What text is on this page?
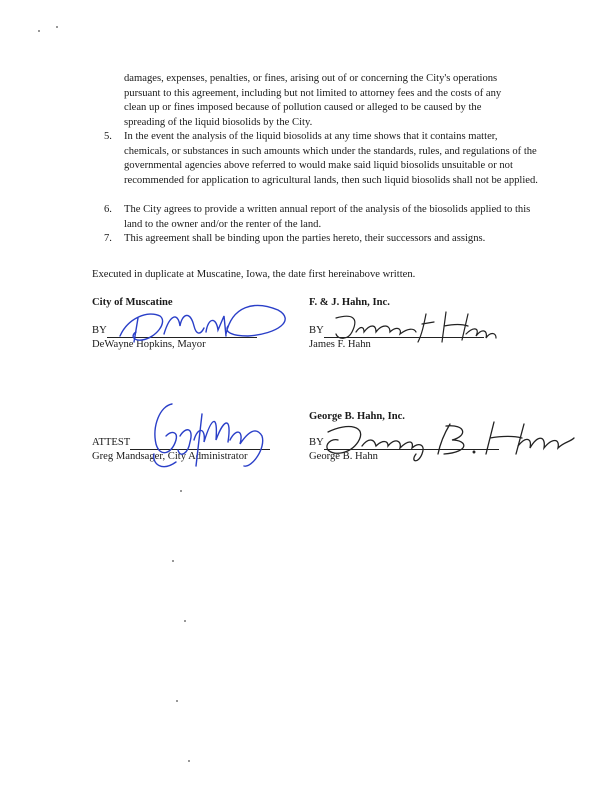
damages, expenses, penalties, or fines, arising out of or concerning the City's operations pursuant to this agreement, including but not limited to attorney fees and the costs of any clean up or fines imposed because of pollution caused or alleged to be caused by the spreading of the liquid biosolids by the City.

5.	In the event the analysis of the liquid biosolids at any time shows that it contains matter, chemicals, or substances in such amounts which under the standards, rules, and regulations of the governmental agencies above referred to would make said liquid biosolids unsuitable or not recommended for application to agricultural lands, then such liquid biosolids shall not be applied.
6.	The City agrees to provide a written annual report of the analysis of the biosolids applied to this land to the owner and/or the renter of the land.
7.	This agreement shall be binding upon the parties hereto, their successors and assigns.

Executed in duplicate at Muscatine, Iowa, the date first hereinabove written.

City of Muscatine
BY
DeWayne Hopkins, Mayor
F. & J. Hahn, Inc.
BY
James F. Hahn
ATTEST
Greg Mandsager, City Administrator
George B. Hahn, Inc.
BY
George B. Hahn
